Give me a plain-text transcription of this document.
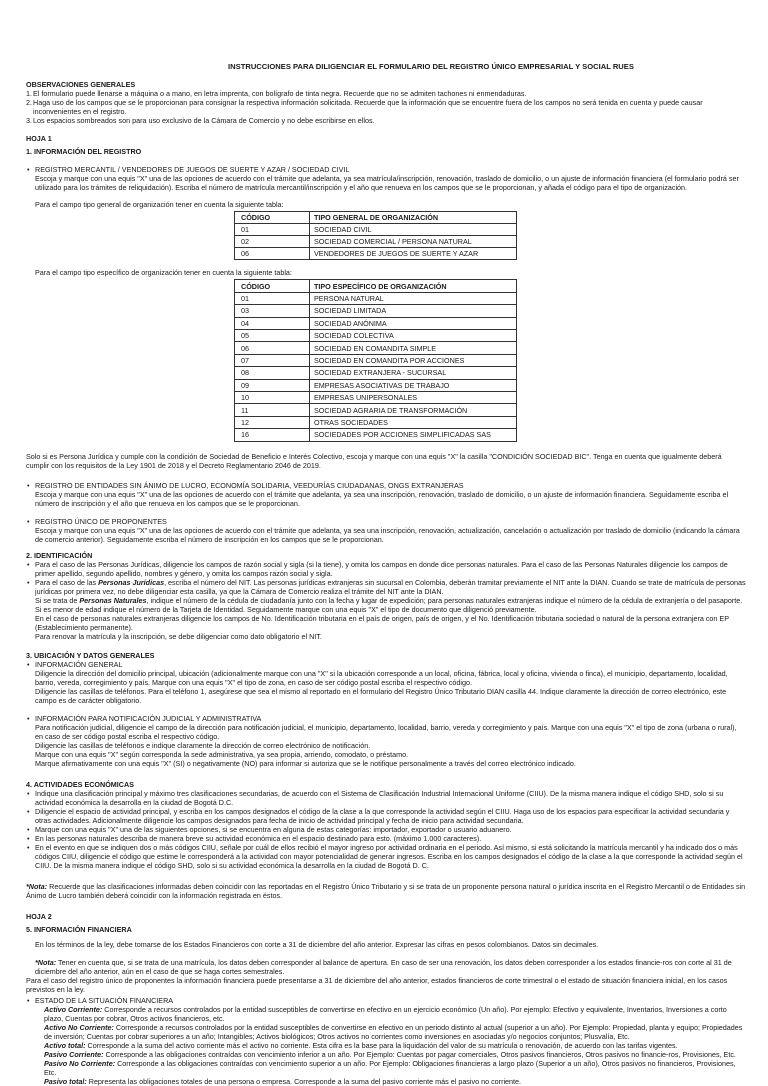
INSTRUCCIONES PARA DILIGENCIAR EL FORMULARIO DEL REGISTRO ÚNICO EMPRESARIAL Y SOCIAL RUES
OBSERVACIONES GENERALES
1. El formulario puede llenarse a máquina o a mano, en letra imprenta, con bolígrafo de tinta negra. Recuerde que no se admiten tachones ni enmendaduras.
2. Haga uso de los campos que se le proporcionan para consignar la respectiva información solicitada. Recuerde que la información que se encuentre fuera de los campos no será tenida en cuenta y puede causar inconvenientes en el registro.
3. Los espacios sombreados son para uso exclusivo de la Cámara de Comercio y no debe escribirse en ellos.
HOJA 1
1. INFORMACIÓN DEL REGISTRO
• REGISTRO MERCANTIL / VENDEDORES DE JUEGOS DE SUERTE Y AZAR / SOCIEDAD CIVIL

Escoja y marque con una equis "X" una de las opciones de acuerdo con el trámite que adelanta, ya sea matrícula/inscripción, renovación, traslado de domicilio, o un ajuste de información financiera (el formulario podrá ser utilizado para los trámites de reliquidación). Escriba el número de matrícula mercantil/inscripción y el año que renueva en los campos que se le proporcionan, y añada el código para el tipo de organización.

Para el campo tipo general de organización tener en cuenta la siguiente tabla:

CÓDIGO	TIPO GENERAL DE ORGANIZACIÓN
01	SOCIEDAD CIVIL
02	SOCIEDAD COMERCIAL / PERSONA NATURAL
06	VENDEDORES DE JUEGOS DE SUERTE Y AZAR

Para el campo tipo específico de organización tener en cuenta la siguiente tabla:

CÓDIGO	TIPO ESPECÍFICO DE ORGANIZACIÓN
01	PERSONA NATURAL
03	SOCIEDAD LIMITADA
04	SOCIEDAD ANÓNIMA
05	SOCIEDAD COLECTIVA
06	SOCIEDAD EN COMANDITA SIMPLE
07	SOCIEDAD EN COMANDITA POR ACCIONES
08	SOCIEDAD EXTRANJERA - SUCURSAL
09	EMPRESAS ASOCIATIVAS DE TRABAJO
10	EMPRESAS UNIPERSONALES
11	SOCIEDAD AGRARIA DE TRANSFORMACIÓN
12	OTRAS SOCIEDADES
16	SOCIEDADES POR ACCIONES SIMPLIFICADAS SAS

Solo si es Persona Jurídica y cumple con la condición de Sociedad de Beneficio e Interés Colectivo, escoja y marque con una equis "X" la casilla "CONDICIÓN SOCIEDAD BIC". Tenga en cuenta que igualmente deberá cumplir con los requisitos de la Ley 1901 de 2018 y el Decreto Reglamentario 2046 de 2019.

• REGISTRO DE ENTIDADES SIN ÁNIMO DE LUCRO, ECONOMÍA SOLIDARIA, VEEDURÍAS CIUDADANAS, ONGS EXTRANJERAS

Escoja y marque con una equis "X" una de las opciones de acuerdo con el trámite que adelanta, ya sea una inscripción, renovación, traslado de domicilio, o un ajuste de información financiera. Seguidamente escriba el número de inscripción y el año que renueva en los campos que se le proporcionan.

• REGISTRO ÚNICO DE PROPONENTES

Escoja y marque con una equis "X" una de las opciones de acuerdo con el trámite que adelanta, ya sea una inscripción, renovación, actualización, cancelación o actualización por traslado de domicilio (indicando la cámara de comercio anterior). Seguidamente escriba el número de inscripción en los campos que se le proporcionan.

2. IDENTIFICACIÓN
• Para el caso de las Personas Jurídicas, diligencie los campos de razón social y sigla (si la tiene), y omita los campos en donde dice personas naturales. Para el caso de las Personas Naturales diligencie los campos de primer apellido, segundo apellido, nombres y género, y omita los campos razón social y sigla.

• Para el caso de las Personas Jurídicas, escriba el número del NIT. Las personas jurídicas extranjeras sin sucursal en Colombia, deberán tramitar previamente el NIT ante la DIAN. Cuando se trate de matrícula de personas jurídicas por primera vez, no debe diligenciar esta casilla, ya que la Cámara de Comercio realiza el trámite del NIT ante la DIAN.

Si se trata de Personas Naturales, indique el número de la cédula de ciudadanía junto con la fecha y lugar de expedición; para personas naturales extranjeras indique el número de la cédula de extranjería o del pasaporte. Si es menor de edad indique el número de la Tarjeta de Identidad. Seguidamente marque con una equis "X" el tipo de documento que diligenció previamente.

En el caso de personas naturales extranjeras diligencie los campos de No. Identificación tributaria en el país de origen, país de origen, y el No. Identificación tributaria sociedad o natural de la persona extranjera con EP (Establecimiento permanente).

Para renovar la matrícula y la inscripción, se debe diligenciar como dato obligatorio el NIT.

3. UBICACIÓN Y DATOS GENERALES
• INFORMACIÓN GENERAL

Diligencie la dirección del domicilio principal, ubicación (adicionalmente marque con una "X" si la ubicación corresponde a un local, oficina, fábrica, local y oficina, vivienda o finca), el municipio, departamento, localidad, barrio, vereda, corregimiento y país. Marque con una equis "X" el tipo de zona, en caso de ser código postal escriba el respectivo código.

Diligencie las casillas de teléfonos. Para el teléfono 1, asegúrese que sea el mismo al reportado en el formulario del Registro Único Tributario DIAN casilla 44. Indique claramente la dirección de correo electrónico, este campo es de carácter obligatorio.

• INFORMACIÓN PARA NOTIFICACIÓN JUDICIAL Y ADMINISTRATIVA

Para notificación judicial, diligencie el campo de la dirección para notificación judicial, el municipio, departamento, localidad, barrio, vereda y corregimiento y país. Marque con una equis "X" el tipo de zona (urbana o rural), en caso de ser código postal escriba el respectivo código.

Diligencie las casillas de teléfonos e indique claramente la dirección de correo electrónico de notificación.

Marque con una equis "X" según corresponda la sede administrativa, ya sea propia, arriendo, comodato, o préstamo.

Marque afirmativamente con una equis "X" (SI) o negativamente (NO) para informar si autoriza que se le notifique personalmente a través del correo electrónico indicado.

4. ACTIVIDADES ECONÓMICAS
• Indique una clasificación principal y máximo tres clasificaciones secundarias, de acuerdo con el Sistema de Clasificación Industrial Internacional Uniforme (CIIU). De la misma manera indique el código SHD, solo si su actividad económica la desarrolla en la ciudad de Bogotá D.C.

• Diligencie el espacio de actividad principal, y escriba en los campos designados el código de la clase a la que corresponde la actividad según el CIIU. Haga uso de los espacios para especificar la actividad secundaria y otras actividades. Adicionalmente diligencie los campos designados para fecha de inicio de actividad principal y fecha de inicio para actividad secundaria.

• Marque con una equis "X" una de las siguientes opciones, si se encuentra en alguna de estas categorías: importador, exportador o usuario aduanero.

• En las personas naturales describa de manera breve su actividad económica en el espacio destinado para esto. (máximo 1.000 caracteres).

• En el evento en que se indiquen dos o más códigos CIIU, señale por cuál de ellos recibió el mayor ingreso por actividad ordinaria en el periodo. Así mismo, si está solicitando la matrícula mercantil y ha indicado dos o más códigos CIIU, diligencie el código que estime le corresponderá a la actividad con mayor potencialidad de generar ingresos. Escriba en los campos designados el código de la clase a la que corresponde la actividad según el CIIU. De la misma manera indique el código SHD, solo si su actividad económica la desarrolla en la ciudad de Bogotá D. C.

*Nota: Recuerde que las clasificaciones informadas deben coincidir con las reportadas en el Registro Único Tributario y si se trata de un proponente persona natural o jurídica inscrita en el Registro Mercantil o de Entidades sin Ánimo de Lucro también deberá coincidir con la información registrada en éstos.

HOJA 2
5. INFORMACIÓN FINANCIERA

En los términos de la ley, debe tomarse de los Estados Financieros con corte a 31 de diciembre del año anterior. Expresar las cifras en pesos colombianos. Datos sin decimales.

*Nota: Tener en cuenta que, si se trata de una matrícula, los datos deben corresponder al balance de apertura. En caso de ser una renovación, los datos deben corresponder a los estados financie-ros con corte al 31 de diciembre del año anterior, aún en el caso de que se haga cortes semestrales.

Para el caso del registro único de proponentes la información financiera puede presentarse a 31 de diciembre del año anterior, estados financieros de corte trimestral o el estado de situación financiera inicial, en los casos previstos en la ley.

• ESTADO DE LA SITUACIÓN FINANCIERA

Activo Corriente: Corresponde a recursos controlados por la entidad susceptibles de convertirse en efectivo en un ejercicio económico (Un año). Por ejemplo: Efectivo y equivalente, Inventarios, Inversiones a corto plazo, Cuentas por cobrar, Otros activos financieros, etc.

Activo No Corriente: Corresponde a recursos controlados por la entidad susceptibles de convertirse en efectivo en un periodo distinto al actual (superior a un año). Por Ejemplo: Propiedad, planta y equipo; Propiedades de inversión; Cuentas por cobrar superiores a un año; Intangibles; Activos biológicos; Otros activos no corrientes como inversiones en asociadas y/o negocios conjuntos; Plusvalía, Etc.

Activo total: Corresponde a la suma del activo corriente más el activo no corriente. Esta cifra es la base para la liquidación del valor de su matrícula o renovación, de acuerdo con las tarifas vigentes.

Pasivo Corriente: Corresponde a las obligaciones contraídas con vencimiento inferior a un año. Por Ejemplo: Cuentas por pagar comerciales, Otros pasivos financieros, Otros pasivos no financie-ros, Provisiones, Etc.

Pasivo No Corriente: Corresponde a las obligaciones contraídas con vencimiento superior a un año. Por Ejemplo: Obligaciones financieras a largo plazo (Superior a un año), Otros pasivos no financieros, Provisiones, Etc.

Pasivo total: Representa las obligaciones totales de una persona o empresa. Corresponde a la suma del pasivo corriente más el pasivo no corriente.
